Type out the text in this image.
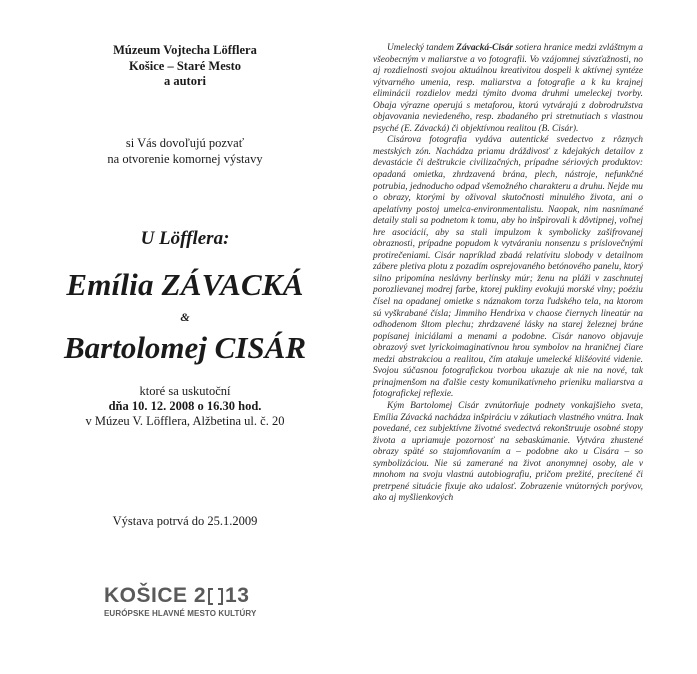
Múzeum Vojtecha Löfflera
Košice – Staré Mesto
a autori
si Vás dovoľujú pozvať
na otvorenie komornej výstavy
U Löfflera:
Emília ZÁVACKÁ
&
Bartolomej CISÁR
ktoré sa uskutoční
dňa 10. 12. 2008 o 16.30 hod.
v Múzeu V. Löfflera, Alžbetina ul. č. 20
Výstava potrvá do 25.1.2009
KOŠICE 2 13
EURÓPSKE HLAVNÉ MESTO KULTÚRY

Umelecký tandem Závacká-Cisár sotiera hranice medzi zvláštnym a všeobecným v maliarstve a vo fotografii. Vo vzájomnej súvzťažnosti, no aj rozdielnosti svojou aktuálnou kreativitou dospeli k aktívnej syntéze výtvarného umenia, resp. maliarstva a fotografie a k ku krajnej eliminácii rozdielov medzi týmito dvoma druhmi umeleckej tvorby. Obaja výrazne operujú s metaforou, ktorú vytvárajú z dobrodružstva objavovania neviedeného, resp. zbadaného pri stretnutiach s vlastnou psyché (E. Závacká) či objektívnou realitou (B. Cisár).

Cisárova fotografia vydáva autentické svedectvo z rôznych mestských zón. Nachádza priamu dráždivosť z kdejakých detailov z devastácie či deštrukcie civilizačných, prípadne sériových produktov: opadaná omietka, zhrdzavená brána, plech, nástroje, nefunkčné potrubia, jednoducho odpad všemožného charakteru a druhu. Nejde mu o obrazy, ktorými by oživoval skutočnosti minulého života, ani o apelatívny postoj umelca-environmentalistu. Naopak, nim nasnímané detaily stali sa podnetom k tomu, aby ho inšpirovali k dôvtipnej, voľnej hre asociácií, aby sa stali impulzom k symbolicky zašifrovanej obraznosti, prípadne popudom k vytváraniu nonsenzu s príslovečnými protirečeniami. Cisár napríklad zbadá relatívitu slobody v detailnom zábere pletiva plotu z pozadím osprejovaného betónového panelu, ktorý silno pripomína neslávny berlínsky múr; ženu na pláži v zaschnutej porozlievanej modrej farbe, ktorej pukliny evokujú morské vlny; poéziu čísel na opadanej omietke s náznakom torza ľudského tela, na ktorom sú vyškrabané čísla; Jimmiho Hendrixa v chaose čiernych lineatúr na odhodenom šltom plechu; zhrdzavené lásky na starej železnej bráne popísanej iniciálami a menami a podobne. Cisár nanovo objavuje obrazový svet lyrickoimaginatívnou hrou symbolov na hraničnej čiare medzi abstrakciou a realitou, čím atakuje umelecké klišéovité videnie. Svojou súčasnou fotografickou tvorbou ukazuje ak nie na nové, tak prinajmenšom na ďalšie cesty komunikatívneho prieniku maliarstva a fotografickej reflexie.

Kým Bartolomej Cisár zvnútorňuje podnety vonkajšieho sveta, Emília Závacká nachádza inšpiráciu v zákutiach vlastného vnútra. Inak povedané, cez subjektívne životné svedectvá rekonštruuje osobné stopy života a upriamuje pozornosť na sebaskúmanie. Vytvára zhustené obrazy späté so stajomňovaním a – podobne ako u Cisára – so symbolizáciou. Nie sú zamerané na život anonymnej osoby, ale v mnohom na svoju vlastnú autobiografiu, pričom prežité, precítené či pretrpené situácie fixuje ako udalosť. Zobrazenie vnútorných porývov, ako aj myšlienkových
